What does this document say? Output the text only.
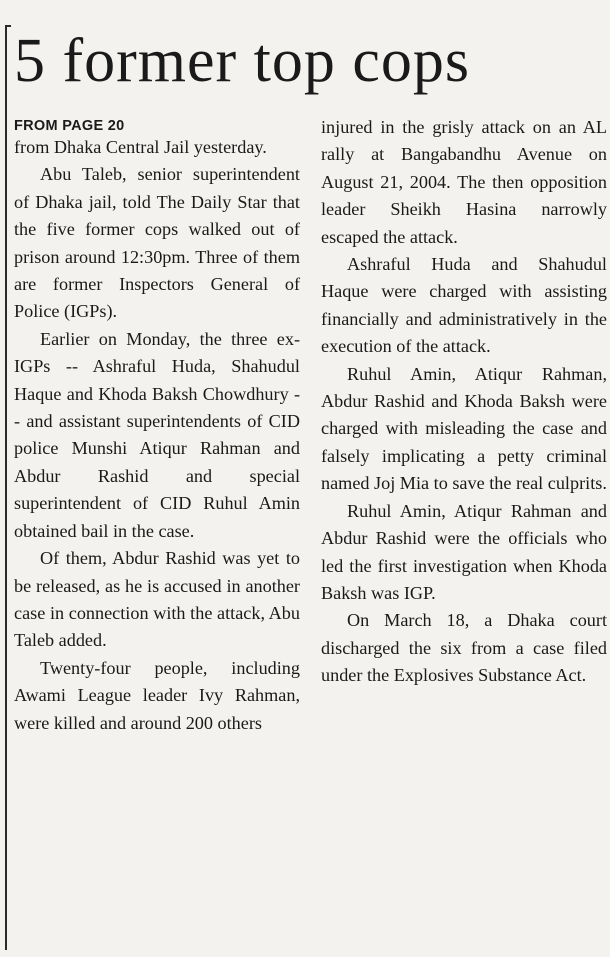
5 former top cops
FROM PAGE 20

from Dhaka Central Jail yesterday.

Abu Taleb, senior superintendent of Dhaka jail, told The Daily Star that the five former cops walked out of prison around 12:30pm. Three of them are former Inspectors General of Police (IGPs).

Earlier on Monday, the three ex-IGPs -- Ashraful Huda, Shahudul Haque and Khoda Baksh Chowdhury -- and assistant superintendents of CID police Munshi Atiqur Rahman and Abdur Rashid and special superintendent of CID Ruhul Amin obtained bail in the case.

Of them, Abdur Rashid was yet to be released, as he is accused in another case in connection with the attack, Abu Taleb added.

Twenty-four people, including Awami League leader Ivy Rahman, were killed and around 200 others

injured in the grisly attack on an AL rally at Bangabandhu Avenue on August 21, 2004. The then opposition leader Sheikh Hasina narrowly escaped the attack.

Ashraful Huda and Shahudul Haque were charged with assisting financially and administratively in the execution of the attack.

Ruhul Amin, Atiqur Rahman, Abdur Rashid and Khoda Baksh were charged with misleading the case and falsely implicating a petty criminal named Joj Mia to save the real culprits.

Ruhul Amin, Atiqur Rahman and Abdur Rashid were the officials who led the first investigation when Khoda Baksh was IGP.

On March 18, a Dhaka court discharged the six from a case filed under the Explosives Substance Act.
